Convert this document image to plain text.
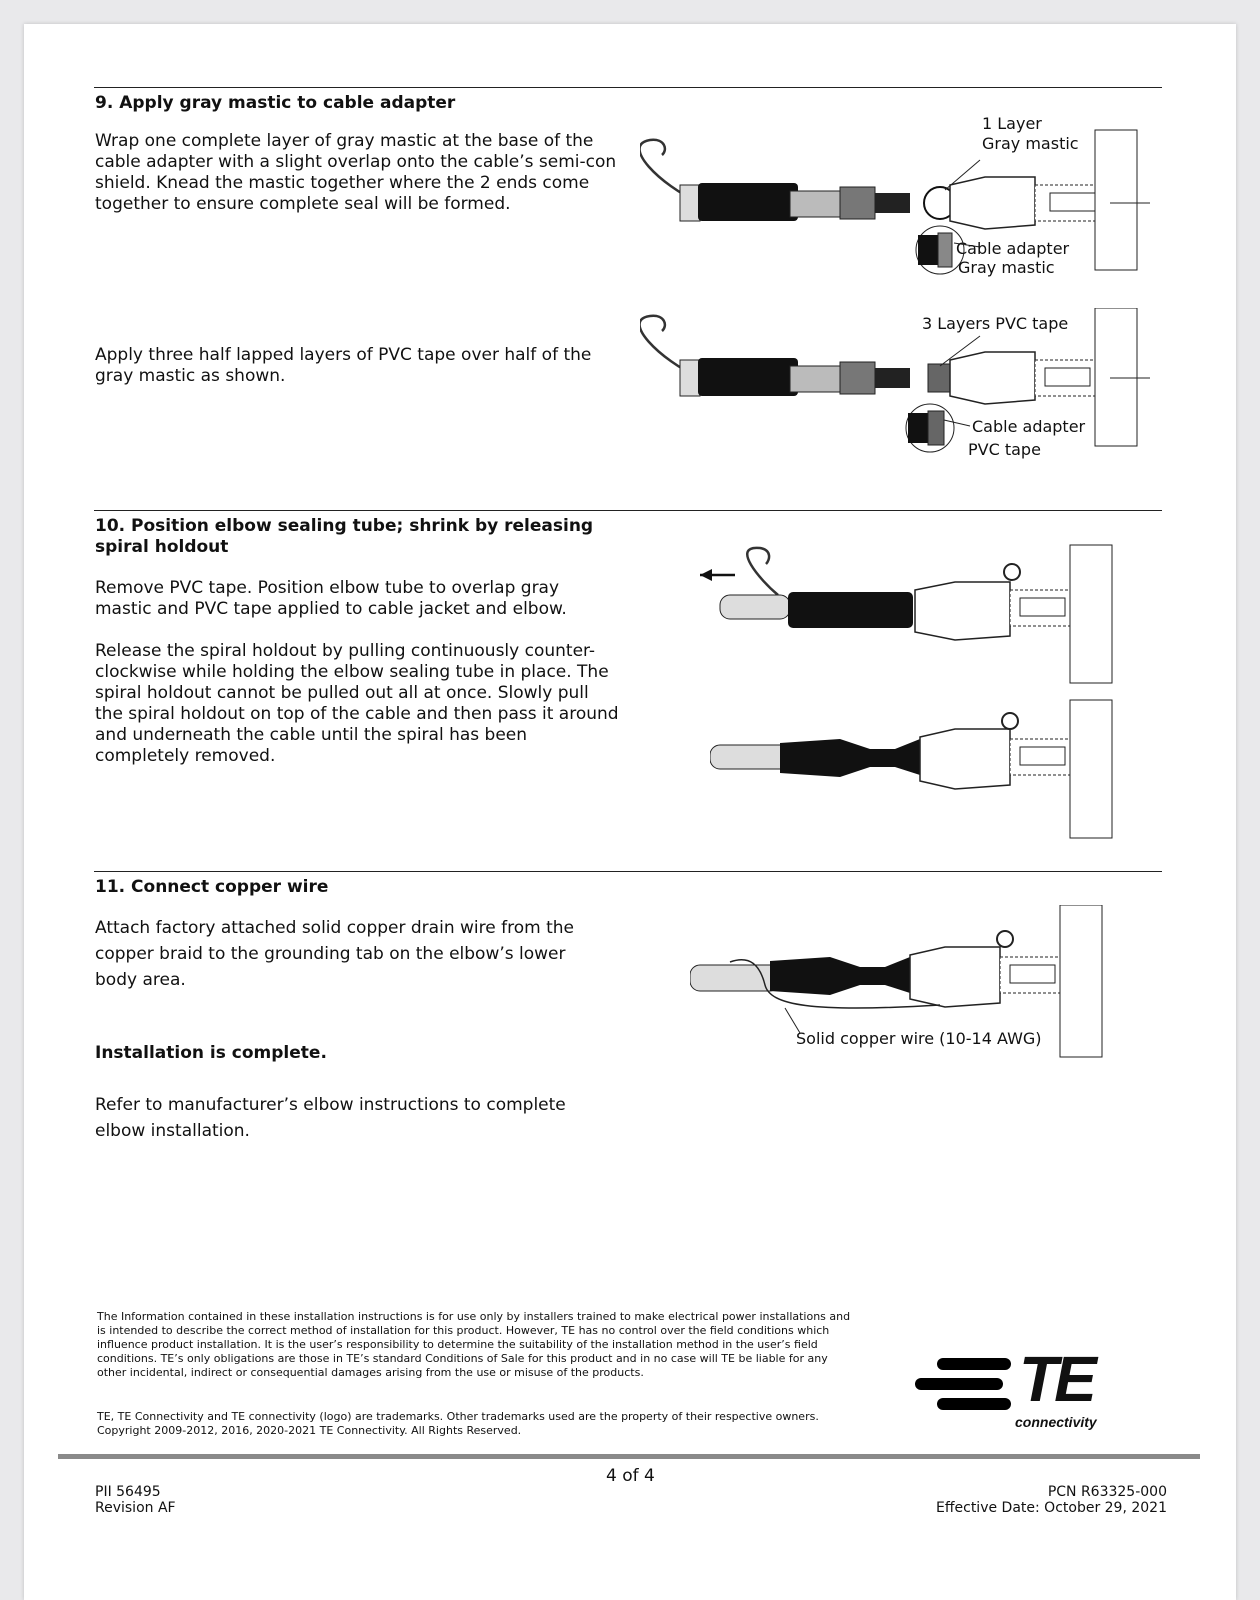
9. Apply gray mastic to cable adapter
Wrap one complete layer of gray mastic at the base of the cable adapter with a slight overlap onto the cable’s semi-con shield. Knead the mastic together where the 2 ends come together to ensure complete seal will be formed.
Apply three half lapped layers of PVC tape over half of the gray mastic as shown.
1 Layer
Gray mastic
Cable adapter
Gray mastic
3 Layers PVC tape
Cable adapter
PVC tape
10. Position elbow sealing tube; shrink by releasing spiral holdout
Remove PVC tape. Position elbow tube to overlap gray mastic and PVC tape applied to cable jacket and elbow.
Release the spiral holdout by pulling continuously counter-clockwise while holding the elbow sealing tube in place. The spiral holdout cannot be pulled out all at once. Slowly pull the spiral holdout on top of the cable and then pass it around and underneath the cable until the spiral has been completely removed.
11. Connect copper wire
Attach factory attached solid copper drain wire from the copper braid to the grounding tab on the elbow’s lower body area.
Installation is complete.
Refer to manufacturer’s elbow instructions to complete elbow installation.
Solid copper wire (10-14 AWG)
The Information contained in these installation instructions is for use only by installers trained to make electrical power installations and is intended to describe the correct method of installation for this product. However, TE has no control over the field conditions which influence product installation. It is the user’s responsibility to determine the suitability of the installation method in the user’s field conditions. TE’s only obligations are those in TE’s standard Conditions of Sale for this product and in no case will TE be liable for any other incidental, indirect or consequential damages arising from the use or misuse of the products.
TE, TE Connectivity and TE connectivity (logo) are trademarks. Other trademarks used are the property of their respective owners. Copyright 2009-2012, 2016, 2020-2021 TE Connectivity. All Rights Reserved.
TE
connectivity
4 of 4
PII 56495
Revision AF
PCN R63325-000
Effective Date: October 29, 2021
